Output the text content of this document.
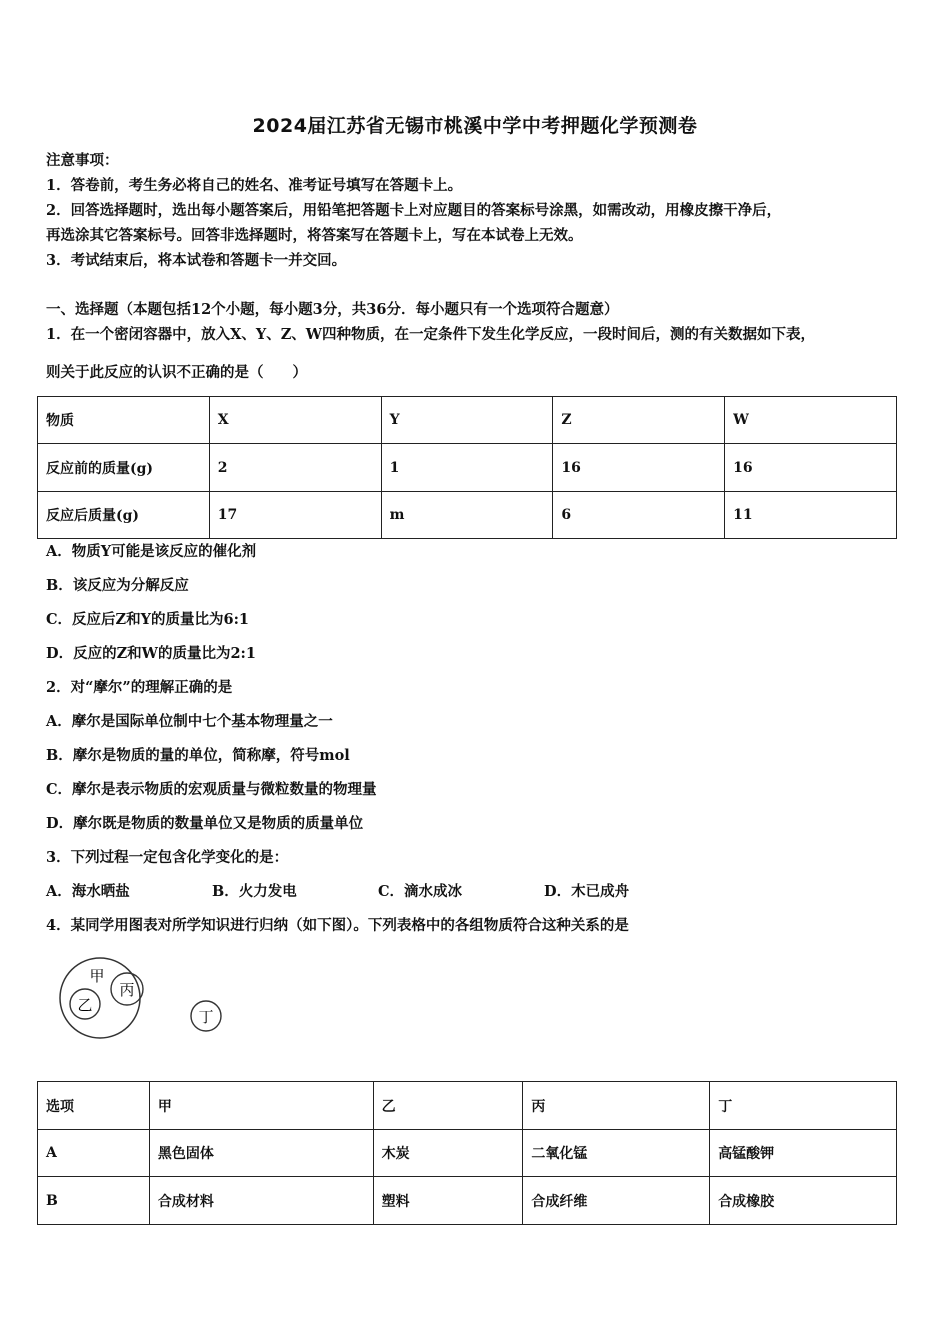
2024届江苏省无锡市桃溪中学中考押题化学预测卷
注意事项：
1．答卷前，考生务必将自己的姓名、准考证号填写在答题卡上。
2．回答选择题时，选出每小题答案后，用铅笔把答题卡上对应题目的答案标号涂黑，如需改动，用橡皮擦干净后，
再选涂其它答案标号。回答非选择题时，将答案写在答题卡上，写在本试卷上无效。
3．考试结束后，将本试卷和答题卡一并交回。
一、选择题（本题包括12个小题，每小题3分，共36分．每小题只有一个选项符合题意）
1．在一个密闭容器中，放入X、Y、Z、W四种物质，在一定条件下发生化学反应，一段时间后，测的有关数据如下表，
则关于此反应的认识不正确的是（　　）
物质	X	Y	Z	W
反应前的质量(g)	2	1	16	16
反应后质量(g)	17	m	6	11
A．物质Y可能是该反应的催化剂
B．该反应为分解反应
C．反应后Z和Y的质量比为6:1
D．反应的Z和W的质量比为2:1
2．对“摩尔”的理解正确的是
A．摩尔是国际单位制中七个基本物理量之一
B．摩尔是物质的量的单位，简称摩，符号mol
C．摩尔是表示物质的宏观质量与微粒数量的物理量
D．摩尔既是物质的数量单位又是物质的质量单位
3．下列过程一定包含化学变化的是：
A．海水晒盐	B．火力发电	C．滴水成冰	D．木已成舟
4．某同学用图表对所学知识进行归纳（如下图）。下列表格中的各组物质符合这种关系的是
甲
乙
丙
丁
选项	甲	乙	丙	丁
A	黑色固体	木炭	二氧化锰	高锰酸钾
B	合成材料	塑料	合成纤维	合成橡胶
